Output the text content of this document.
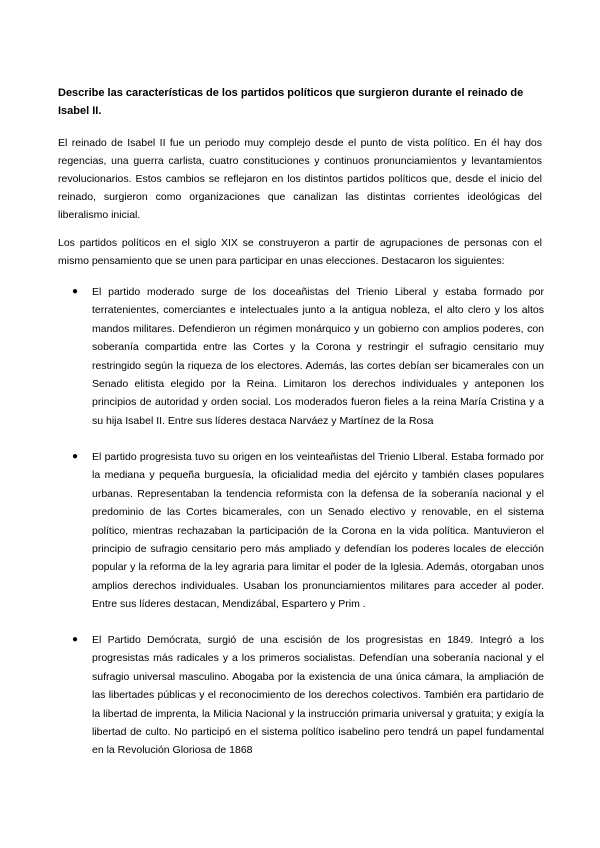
Describe las características de los partidos políticos que surgieron durante el reinado de Isabel II.

El reinado de Isabel II fue un periodo muy complejo desde el punto de vista político. En él hay dos regencias, una guerra carlista, cuatro constituciones y continuos pronunciamientos y levantamientos revolucionarios. Estos cambios se reflejaron en los distintos partidos políticos que, desde el inicio del reinado, surgieron como organizaciones que canalizan las distintas corrientes ideológicas del liberalismo inicial.

Los partidos políticos en el siglo XIX se construyeron a partir de agrupaciones de personas con el mismo pensamiento que se unen para participar en unas elecciones. Destacaron los siguientes:

● El partido moderado surge de los doceañistas del Trienio Liberal y estaba formado por terratenientes, comerciantes e intelectuales junto a la antigua nobleza, el alto clero y los altos mandos militares. Defendieron un régimen monárquico y un gobierno con amplios poderes, con soberanía compartida entre las Cortes y la Corona y restringir el sufragio censitario muy restringido según la riqueza de los electores. Además, las cortes debían ser bicamerales con un Senado elitista elegido por la Reina. Limitaron los derechos individuales y anteponen los principios de autoridad y orden social. Los moderados fueron fieles a la reina María Cristina y a su hija Isabel II. Entre sus líderes destaca Narváez y Martínez de la Rosa

● El partido progresista tuvo su origen en los veinteañistas del Trienio LIberal. Estaba formado por la mediana y pequeña burguesía, la oficialidad media del ejército y también clases populares urbanas. Representaban la tendencia reformista con la defensa de la soberanía nacional y el predominio de las Cortes bicamerales, con un Senado electivo y renovable, en el sistema político, mientras rechazaban la participación de la Corona en la vida política. Mantuvieron el principio de sufragio censitario pero más ampliado y defendían los poderes locales de elección popular y la reforma de la ley agraria para limitar el poder de la Iglesia. Además, otorgaban unos amplios derechos individuales. Usaban los pronunciamientos militares para acceder al poder. Entre sus líderes destacan, Mendizábal, Espartero y Prim .

● El Partido Demócrata, surgió de una escisión de los progresistas en 1849. Integró a los progresistas más radicales y a los primeros socialistas. Defendían una soberanía nacional y el sufragio universal masculino. Abogaba por la existencia de una única cámara, la ampliación de las libertades públicas y el reconocimiento de los derechos colectivos. También era partidario de la libertad de imprenta, la Milicia Nacional y la instrucción primaria universal y gratuita; y exigía la libertad de culto. No participó en el sistema político isabelino pero tendrá un papel fundamental en la Revolución Gloriosa de 1868
